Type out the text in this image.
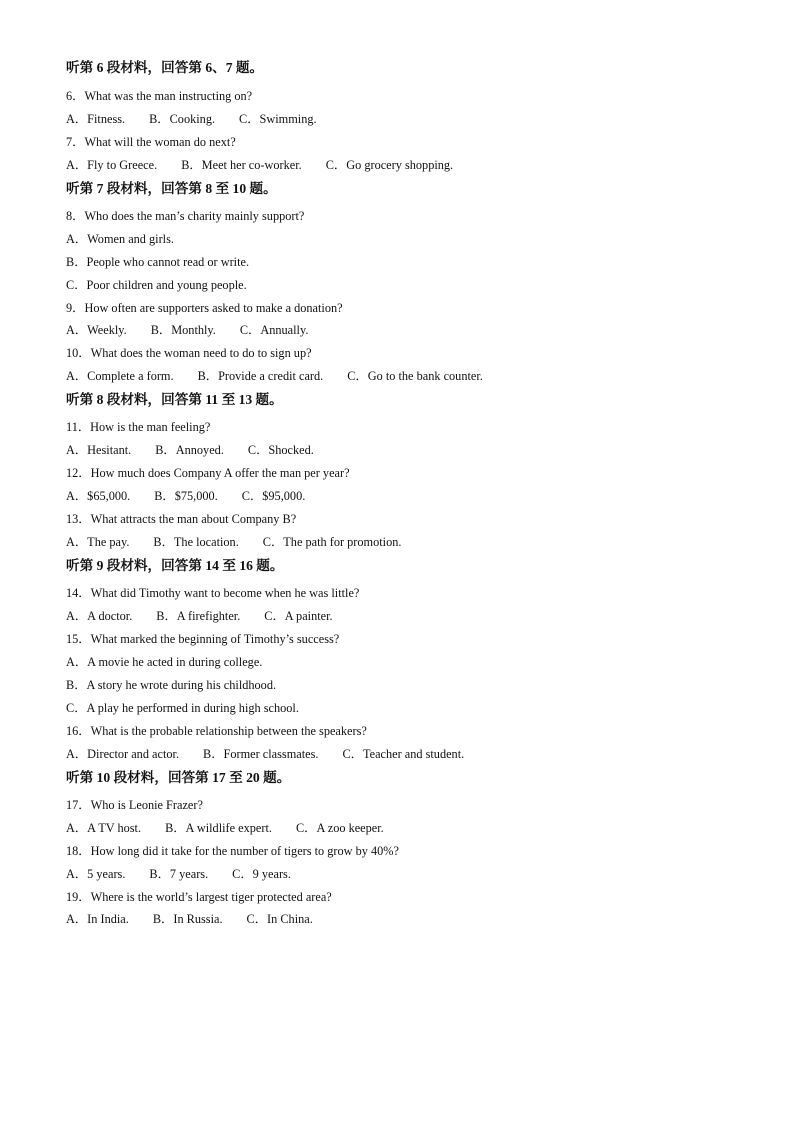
听第 6 段材料，回答第 6、7 题。
6．What was the man instructing on?
A．Fitness. B．Cooking. C．Swimming.
7．What will the woman do next?
A．Fly to Greece. B．Meet her co-worker. C．Go grocery shopping.
听第 7 段材料，回答第 8 至 10 题。
8．Who does the man’s charity mainly support?
A．Women and girls.
B．People who cannot read or write.
C．Poor children and young people.
9．How often are supporters asked to make a donation?
A．Weekly. B．Monthly. C．Annually.
10．What does the woman need to do to sign up?
A．Complete a form. B．Provide a credit card. C．Go to the bank counter.
听第 8 段材料，回答第 11 至 13 题。
11．How is the man feeling?
A．Hesitant. B．Annoyed. C．Shocked.
12．How much does Company A offer the man per year?
A．$65,000. B．$75,000. C．$95,000.
13．What attracts the man about Company B?
A．The pay. B．The location. C．The path for promotion.
听第 9 段材料，回答第 14 至 16 题。
14．What did Timothy want to become when he was little?
A．A doctor. B．A firefighter. C．A painter.
15．What marked the beginning of Timothy’s success?
A．A movie he acted in during college.
B．A story he wrote during his childhood.
C．A play he performed in during high school.
16．What is the probable relationship between the speakers?
A．Director and actor. B．Former classmates. C．Teacher and student.
听第 10 段材料，回答第 17 至 20 题。
17．Who is Leonie Frazer?
A．A TV host. B．A wildlife expert. C．A zoo keeper.
18．How long did it take for the number of tigers to grow by 40%?
A．5 years. B．7 years. C．9 years.
19．Where is the world’s largest tiger protected area?
A．In India. B．In Russia. C．In China.
